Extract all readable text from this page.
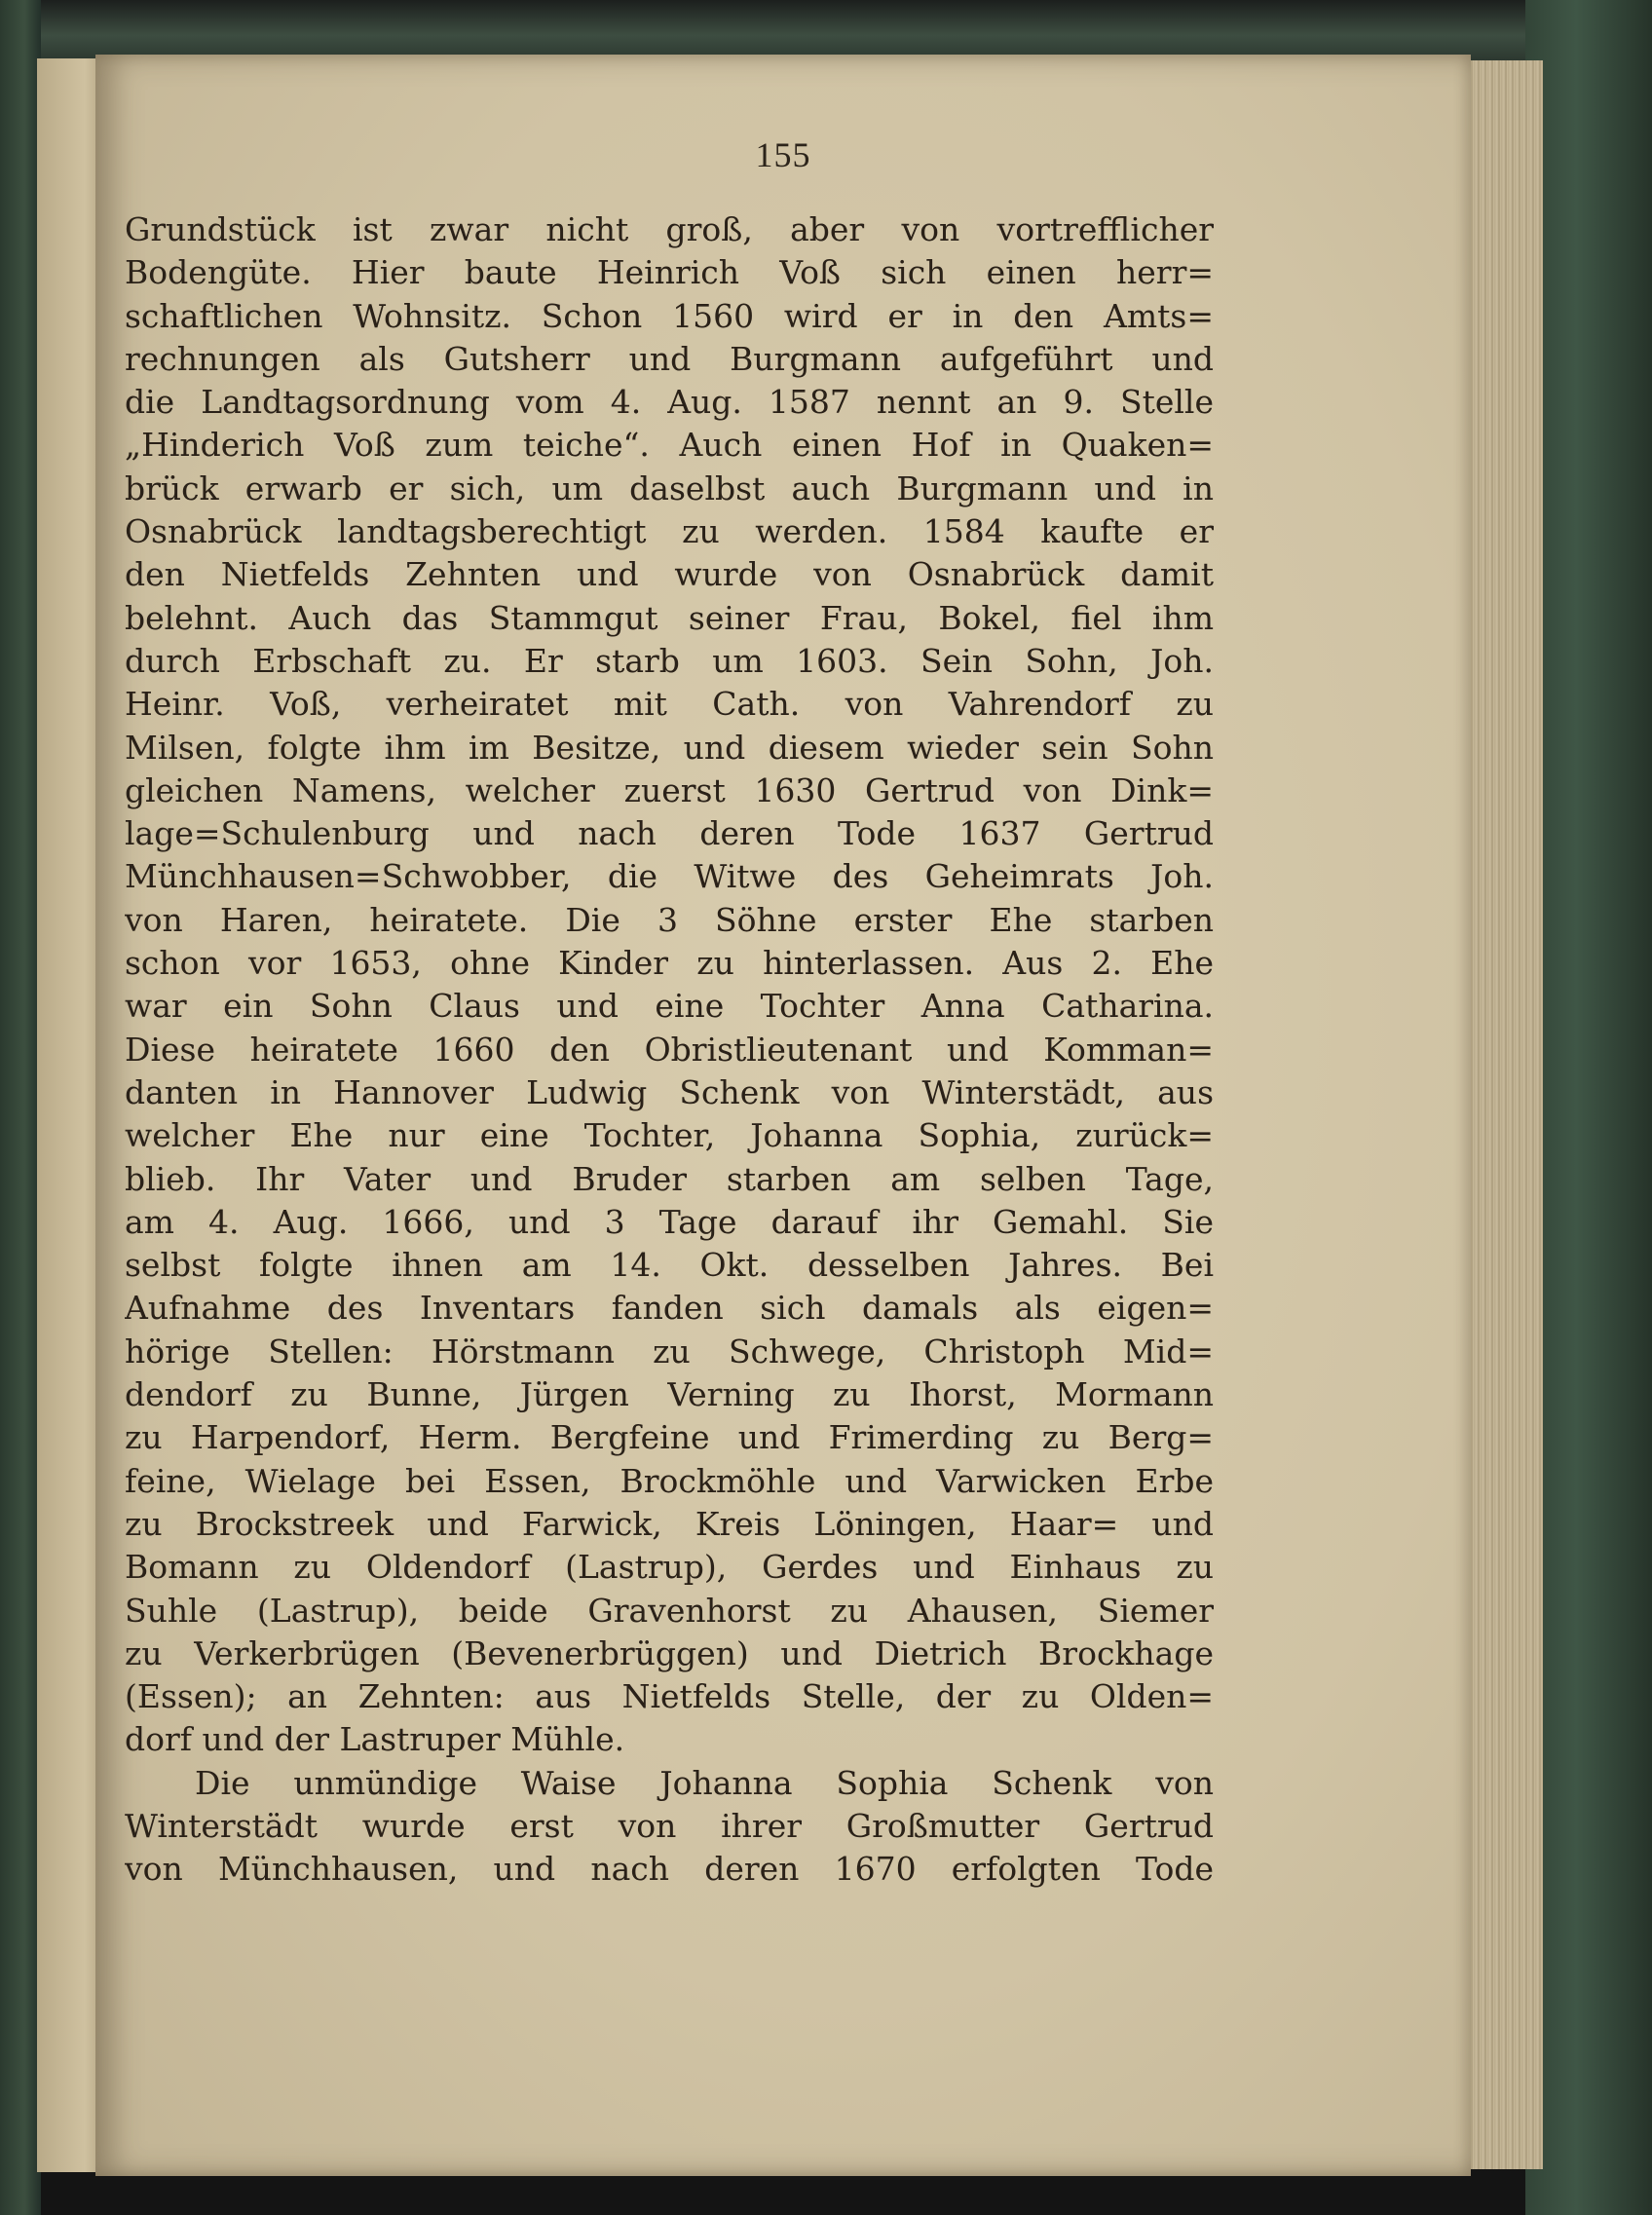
155
Grundstück ist zwar nicht groß, aber von vortrefflicher
Bodengüte. Hier baute Heinrich Voß sich einen herr=
schaftlichen Wohnsitz. Schon 1560 wird er in den Amts=
rechnungen als Gutsherr und Burgmann aufgeführt und
die Landtagsordnung vom 4. Aug. 1587 nennt an 9. Stelle
„Hinderich Voß zum teiche“. Auch einen Hof in Quaken=
brück erwarb er sich, um daselbst auch Burgmann und in
Osnabrück landtagsberechtigt zu werden. 1584 kaufte er
den Nietfelds Zehnten und wurde von Osnabrück damit
belehnt. Auch das Stammgut seiner Frau, Bokel, fiel ihm
durch Erbschaft zu. Er starb um 1603. Sein Sohn, Joh.
Heinr. Voß, verheiratet mit Cath. von Vahrendorf zu
Milsen, folgte ihm im Besitze, und diesem wieder sein Sohn
gleichen Namens, welcher zuerst 1630 Gertrud von Dink=
lage=Schulenburg und nach deren Tode 1637 Gertrud
Münchhausen=Schwobber, die Witwe des Geheimrats Joh.
von Haren, heiratete. Die 3 Söhne erster Ehe starben
schon vor 1653, ohne Kinder zu hinterlassen. Aus 2. Ehe
war ein Sohn Claus und eine Tochter Anna Catharina.
Diese heiratete 1660 den Obristlieutenant und Komman=
danten in Hannover Ludwig Schenk von Winterstädt, aus
welcher Ehe nur eine Tochter, Johanna Sophia, zurück=
blieb. Ihr Vater und Bruder starben am selben Tage,
am 4. Aug. 1666, und 3 Tage darauf ihr Gemahl. Sie
selbst folgte ihnen am 14. Okt. desselben Jahres. Bei
Aufnahme des Inventars fanden sich damals als eigen=
hörige Stellen: Hörstmann zu Schwege, Christoph Mid=
dendorf zu Bunne, Jürgen Verning zu Ihorst, Mormann
zu Harpendorf, Herm. Bergfeine und Frimerding zu Berg=
feine, Wielage bei Essen, Brockmöhle und Varwicken Erbe
zu Brockstreek und Farwick, Kreis Löningen, Haar= und
Bomann zu Oldendorf (Lastrup), Gerdes und Einhaus zu
Suhle (Lastrup), beide Gravenhorst zu Ahausen, Siemer
zu Verkerbrügen (Bevenerbrüggen) und Dietrich Brockhage
(Essen); an Zehnten: aus Nietfelds Stelle, der zu Olden=
dorf und der Lastruper Mühle.
Die unmündige Waise Johanna Sophia Schenk von
Winterstädt wurde erst von ihrer Großmutter Gertrud
von Münchhausen, und nach deren 1670 erfolgten Tode
